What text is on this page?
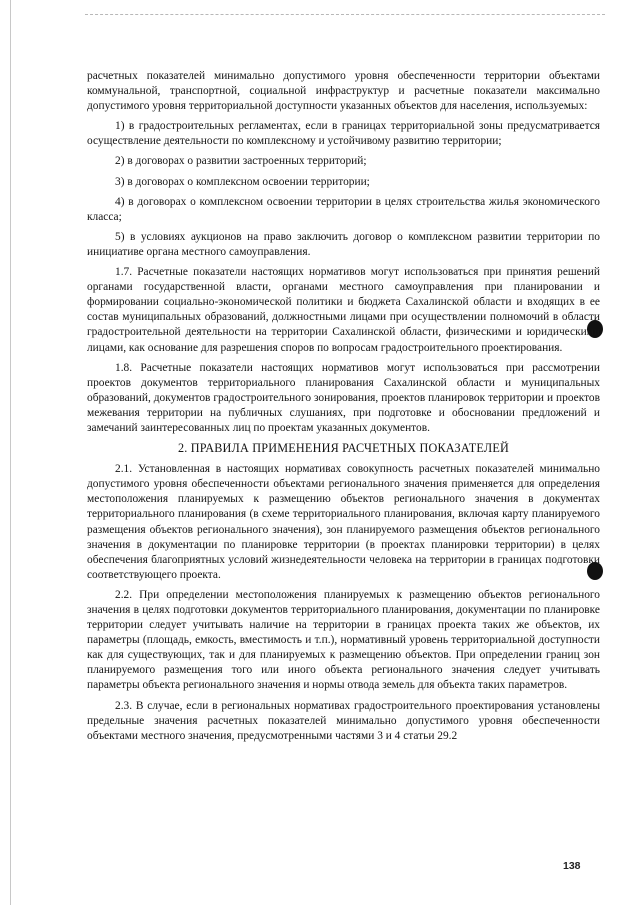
расчетных показателей минимально допустимого уровня обеспеченности территории объектами коммунальной, транспортной, социальной инфраструктур и расчетные показатели максимально допустимого уровня территориальной доступности указанных объектов для населения, используемых:

1) в градостроительных регламентах, если в границах территориальной зоны предусматривается осуществление деятельности по комплексному и устойчивому развитию территории;

2) в договорах о развитии застроенных территорий;

3) в договорах о комплексном освоении территории;

4) в договорах о комплексном освоении территории в целях строительства жилья экономического класса;

5) в условиях аукционов на право заключить договор о комплексном развитии территории по инициативе органа местного самоуправления.

1.7. Расчетные показатели настоящих нормативов могут использоваться при принятия решений органами государственной власти, органами местного самоуправления при планировании и формировании социально-экономической политики и бюджета Сахалинской области и входящих в ее состав муниципальных образований, должностными лицами при осуществлении полномочий в области градостроительной деятельности на территории Сахалинской области, физическими и юридическими лицами, как основание для разрешения споров по вопросам градостроительного проектирования.

1.8. Расчетные показатели настоящих нормативов могут использоваться при рассмотрении проектов документов территориального планирования Сахалинской области и муниципальных образований, документов градостроительного зонирования, проектов планировок территории и проектов межевания территории на публичных слушаниях, при подготовке и обосновании предложений и замечаний заинтересованных лиц по проектам указанных документов.

2. ПРАВИЛА ПРИМЕНЕНИЯ РАСЧЕТНЫХ ПОКАЗАТЕЛЕЙ

2.1. Установленная в настоящих нормативах совокупность расчетных показателей минимально допустимого уровня обеспеченности объектами регионального значения применяется для определения местоположения планируемых к размещению объектов регионального значения в документах территориального планирования (в схеме территориального планирования, включая карту планируемого размещения объектов регионального значения), зон планируемого размещения объектов регионального значения в документации по планировке территории (в проектах планировки территории) в целях обеспечения благоприятных условий жизнедеятельности человека на территории в границах подготовки соответствующего проекта.

2.2. При определении местоположения планируемых к размещению объектов регионального значения в целях подготовки документов территориального планирования, документации по планировке территории следует учитывать наличие на территории в границах проекта таких же объектов, их параметры (площадь, емкость, вместимость и т.п.), нормативный уровень территориальной доступности как для существующих, так и для планируемых к размещению объектов. При определении границ зон планируемого размещения того или иного объекта регионального значения следует учитывать параметры объекта регионального значения и нормы отвода земель для объекта таких параметров.

2.3. В случае, если в региональных нормативах градостроительного проектирования установлены предельные значения расчетных показателей минимально допустимого уровня обеспеченности объектами местного значения, предусмотренными частями 3 и 4 статьи 29.2

138
